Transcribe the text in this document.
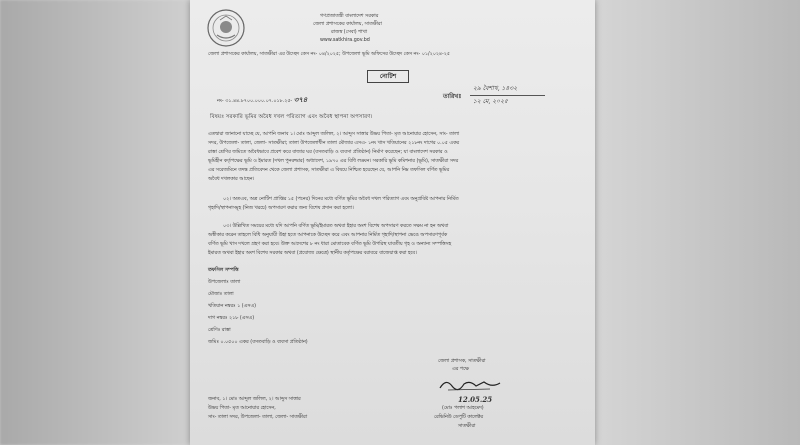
গণপ্রজাতন্ত্রী বাংলাদেশ সরকার
জেলা প্রশাসকের কার্যালয়, সাতক্ষীরা
রাজস্ব (সেবা) শাখা
www.satkhira.gov.bd
জেলা প্রশাসকের কার্যালয়, সাতক্ষীরা এর উচ্ছেদ কেস নং- ০৪/২০২৫; উপজেলা ভূমি অফিসের উচ্ছেদ কেস নং- ০১/২০২৪-২৫
নোটিশ
নং- ৩১.৪৪.৮৭০০.০০০.০৭.০১৮.২৫- ৩৭৪	তারিখঃ
২৯ বৈশাখ, ১৪৩২
১২ মে, ২০২৫
বিষয়ঃ সরকারি ভূমির অবৈধ দখল পরিত্যাগ এবং অবৈধ স্থাপনা অপসারণ।
এতদ্বারা জানানো যাচ্ছে যে, আপনি জনাব ১। মোঃ আব্দুল জলিল, ২। আব্দুস সাত্তার উভয় পিতা- মৃত আনোয়ার হোসেন, সাং- তালা
সদর, উপজেলা- তালা, জেলা- সাতক্ষীরা; তালা উপজেলাধীন তালা মৌজার এসএ- ১নং খাস খতিয়ানের ২১৮নং দাগের ০.০৫ একর
রাস্তা শ্রেণির জমিতে অবৈধভাবে প্রবেশ করে বাজার ঘর (বসতবাড়ি ও ব্যবসা প্রতিষ্ঠান) নির্মাণ করেছেন; যা বাংলাদেশ সরকার ও
ভূমিহীন কর্তৃপক্ষের ভূমি ও ইমারত (দখল পুনরুদ্ধার) অধ্যাদেশ, ১৯৭০ এর বিধি লঙ্ঘন। সরকারি ভূমি কমিশনার (ভূমি), সাতক্ষীরা সদর
এর সরেজমিনে তদন্ত প্রতিবেদন থেকে জেলা প্রশাসক, সাতক্ষীরা এ বিষয়ে নিশ্চিত হয়েছেন যে, আপনি নিম্ন তফসিল বর্ণিত ভূমির
অবৈধ দখলকার আছেন।
০২। অতএব, অত্র নোটিশ প্রাপ্তির ১৫ (পনের) দিনের মধ্যে বর্ণিত ভূমির অবৈধ দখল পরিত্যাগ এবং অনুপ্রবিষ্ট আপনার নির্মিত
গৃহাদি/স্থাপনাসমূহ (নিজ খরচে) অপসারণ করার জন্য বিশেষ প্রদান করা হলো।
০৩। উল্লিখিত সময়ের মধ্যে যদি আপনি বর্ণিত ভূমি/ইমারত অথবা ইহার অংশ বিশেষ অপসারণ করতে সক্ষম না হন অথবা
অস্বীকার করেন তাহলে বিধি অনুযায়ী উহা হতে আপনাকে উচ্ছেদ করে এবং আপনার নির্মিত গৃহাদি/স্থাপনা ভেঙে অপসারণপূর্বক
বর্ণিত ভূমি খাস দখলে গ্রহণ করা হবে। উক্ত আদেশের ৮ নং ধারা মোতাবেক বর্ণিত ভূমি উপরিস্থ যাবতীয় গৃহ ও অন্যান্য সম্পত্তিসহ
ইমারত অথবা ইহার অংশ বিশেষ সরকার অথবা (প্রযোজ্য ক্ষেত্রে) স্থানীয় কর্তৃপক্ষের বরাবরে বাজেয়াপ্ত করা হবে।
তফসিল সম্পত্তি
উপজেলাঃ তালা
মৌজাঃ তালা
খতিয়ান নম্বরঃ ১ (এসএ)
দাগ নম্বরঃ ২১৮ (এসএ)
শ্রেণিঃ রাস্তা
জমিঃ ০.০৫০০ একর (বসতবাড়ি ও ব্যবসা প্রতিষ্ঠান)
জেলা প্রশাসক, সাতক্ষীরা
এর পক্ষে
12.05.25
(মোঃ পলাশ আহমেদ)
রেভিনিউ ডেপুটি কালেক্টর
সাতক্ষীরা
জনাব, ১। মোঃ আব্দুল জলিল, ২। আব্দুস সাত্তার
উভয় পিতা- মৃত আনোয়ার হোসেন,
সাং- তালা সদর, উপজেলা- তালা, জেলা- সাতক্ষীরা
